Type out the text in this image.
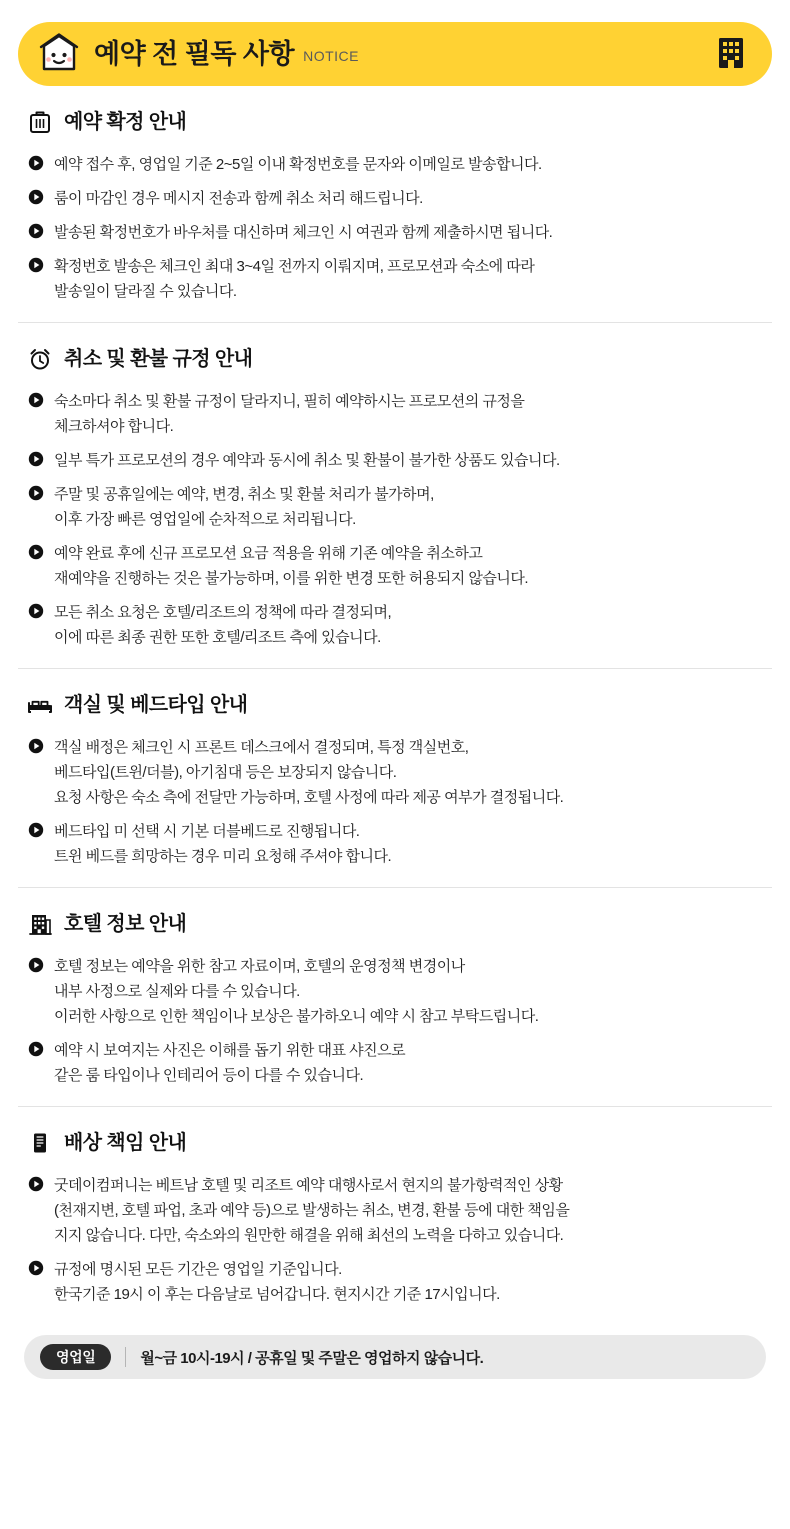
예약 전 필독 사항 NOTICE
예약 확정 안내
예약 접수 후, 영업일 기준 2~5일 이내 확정번호를 문자와 이메일로 발송합니다.
룸이 마감인 경우 메시지 전송과 함께 취소 처리 해드립니다.
발송된 확정번호가 바우처를 대신하며 체크인 시 여권과 함께 제출하시면 됩니다.
확정번호 발송은 체크인 최대 3~4일 전까지 이뤄지며, 프로모션과 숙소에 따라
발송일이 달라질 수 있습니다.
취소 및 환불 규정 안내
숙소마다 취소 및 환불 규정이 달라지니, 필히 예약하시는 프로모션의 규정을
체크하셔야 합니다.
일부 특가 프로모션의 경우 예약과 동시에 취소 및 환불이 불가한 상품도 있습니다.
주말 및 공휴일에는 예약, 변경, 취소 및 환불 처리가 불가하며,
이후 가장 빠른 영업일에 순차적으로 처리됩니다.
예약 완료 후에 신규 프로모션 요금 적용을 위해 기존 예약을 취소하고
재예약을 진행하는 것은 불가능하며, 이를 위한 변경 또한 허용되지 않습니다.
모든 취소 요청은 호텔/리조트의 정책에 따라 결정되며,
이에 따른 최종 권한 또한 호텔/리조트 측에 있습니다.
객실 및 베드타입 안내
객실 배정은 체크인 시 프론트 데스크에서 결정되며, 특정 객실번호,
베드타입(트윈/더블), 아기침대 등은 보장되지 않습니다.
요청 사항은 숙소 측에 전달만 가능하며, 호텔 사정에 따라 제공 여부가 결정됩니다.
베드타입 미 선택 시 기본 더블베드로 진행됩니다.
트윈 베드를 희망하는 경우 미리 요청해 주셔야 합니다.
호텔 정보 안내
호텔 정보는 예약을 위한 참고 자료이며, 호텔의 운영정책 변경이나
내부 사정으로 실제와 다를 수 있습니다.
이러한 사항으로 인한 책임이나 보상은 불가하오니 예약 시 참고 부탁드립니다.
예약 시 보여지는 사진은 이해를 돕기 위한 대표 샤진으로
같은 룸 타입이나 인테리어 등이 다를 수 있습니다.
배상 책임 안내
굿데이컴퍼니는 베트남 호텔 및 리조트 예약 대행사로서 현지의 불가항력적인 상황
(천재지변, 호텔 파업, 초과 예약 등)으로 발생하는 취소, 변경, 환불 등에 대한 책임을
지지 않습니다. 다만, 숙소와의 원만한 해결을 위해 최선의 노력을 다하고 있습니다.
규정에 명시된 모든 기간은 영업일 기준입니다.
한국기준 19시 이 후는 다음날로 넘어갑니다. 현지시간 기준 17시입니다.
영업일	월~금 10시-19시 / 공휴일 및 주말은 영업하지 않습니다.
